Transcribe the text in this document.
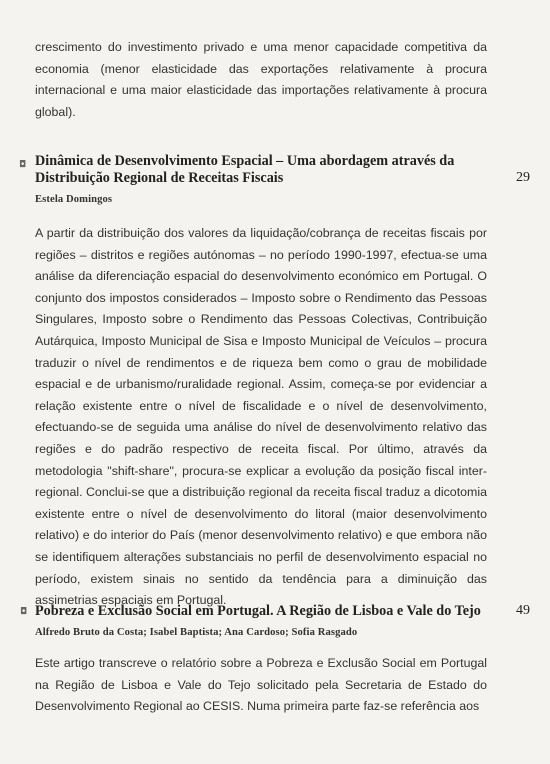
crescimento do investimento privado e uma menor capacidade competitiva da economia (menor elasticidade das exportações relativamente à procura internacional e uma maior elasticidade das importações relativamente à procura global).

◘ Dinâmica de Desenvolvimento Espacial – Uma abordagem através da Distribuição Regional de Receitas Fiscais	29
Estela Domingos

A partir da distribuição dos valores da liquidação/cobrança de receitas fiscais por regiões – distritos e regiões autónomas – no período 1990-1997, efectua-se uma análise da diferenciação espacial do desenvolvimento económico em Portugal. O conjunto dos impostos considerados – Imposto sobre o Rendimento das Pessoas Singulares, Imposto sobre o Rendimento das Pessoas Colectivas, Contribuição Autárquica, Imposto Municipal de Sisa e Imposto Municipal de Veículos – procura traduzir o nível de rendimentos e de riqueza bem como o grau de mobilidade espacial e de urbanismo/ruralidade regional. Assim, começa-se por evidenciar a relação existente entre o nível de fiscalidade e o nível de desenvolvimento, efectuando-se de seguida uma análise do nível de desenvolvimento relativo das regiões e do padrão respectivo de receita fiscal. Por último, através da metodologia "shift-share", procura-se explicar a evolução da posição fiscal inter-regional. Conclui-se que a distribuição regional da receita fiscal traduz a dicotomia existente entre o nível de desenvolvimento do litoral (maior desenvolvimento relativo) e do interior do País (menor desenvolvimento relativo) e que embora não se identifiquem alterações substanciais no perfil de desenvolvimento espacial no período, existem sinais no sentido da tendência para a diminuição das assimetrias espaciais em Portugal.

◘ Pobreza e Exclusão Social em Portugal. A Região de Lisboa e Vale do Tejo	49
Alfredo Bruto da Costa; Isabel Baptista; Ana Cardoso; Sofia Rasgado

Este artigo transcreve o relatório sobre a Pobreza e Exclusão Social em Portugal na Região de Lisboa e Vale do Tejo solicitado pela Secretaria de Estado do Desenvolvimento Regional ao CESIS. Numa primeira parte faz-se referência aos
